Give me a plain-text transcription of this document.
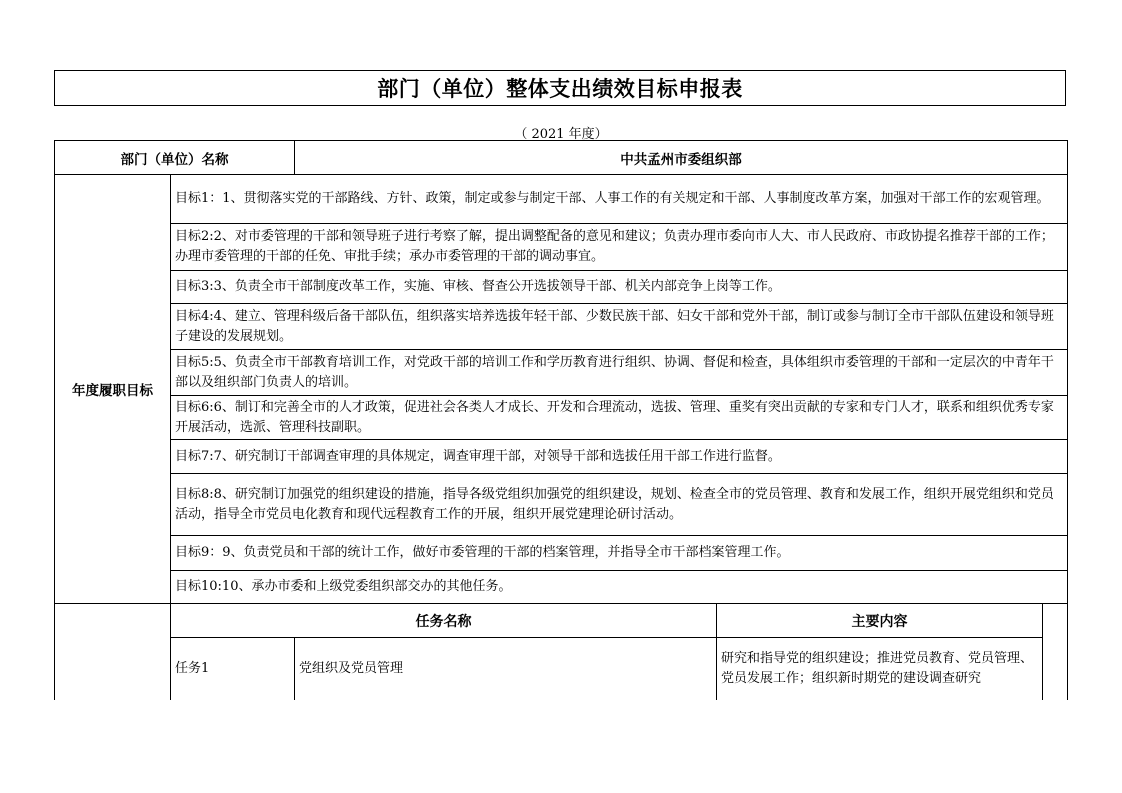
部门（单位）整体支出绩效目标申报表
（ 2021 年度）
部门（单位）名称		中共孟州市委组织部		
年度履职目标	目标1：1、贯彻落实党的干部路线、方针、政策，制定或参与制定干部、人事工作的有关规定和干部、人事制度改革方案，加强对干部工作的宏观管理。			
	目标2:2、对市委管理的干部和领导班子进行考察了解，提出调整配备的意见和建议；负责办理市委向市人大、市人民政府、市政协提名推荐干部的工作；办理市委管理的干部的任免、审批手续；承办市委管理的干部的调动事宜。			
	目标3:3、负责全市干部制度改革工作，实施、审核、督查公开选拔领导干部、机关内部竞争上岗等工作。			
	目标4:4、建立、管理科级后备干部队伍，组织落实培养选拔年轻干部、少数民族干部、妇女干部和党外干部，制订或参与制订全市干部队伍建设和领导班子建设的发展规划。			
	目标5:5、负责全市干部教育培训工作，对党政干部的培训工作和学历教育进行组织、协调、督促和检查，具体组织市委管理的干部和一定层次的中青年干部以及组织部门负责人的培训。			
	目标6:6、制订和完善全市的人才政策，促进社会各类人才成长、开发和合理流动，选拔、管理、重奖有突出贡献的专家和专门人才，联系和组织优秀专家开展活动，选派、管理科技副职。			
	目标7:7、研究制订干部调查审理的具体规定，调查审理干部，对领导干部和选拔任用干部工作进行监督。			
	目标8:8、研究制订加强党的组织建设的措施，指导各级党组织加强党的组织建设，规划、检查全市的党员管理、教育和发展工作，组织开展党组织和党员活动，指导全市党员电化教育和现代远程教育工作的开展，组织开展党建理论研讨活动。			
	目标9：9、负责党员和干部的统计工作，做好市委管理的干部的档案管理，并指导全市干部档案管理工作。			
	目标10:10、承办市委和上级党委组织部交办的其他任务。			
	任务名称		主要内容	
	任务1	党组织及党员管理	研究和指导党的组织建设；推进党员教育、党员管理、党员发展工作；组织新时期党的建设调查研究	
